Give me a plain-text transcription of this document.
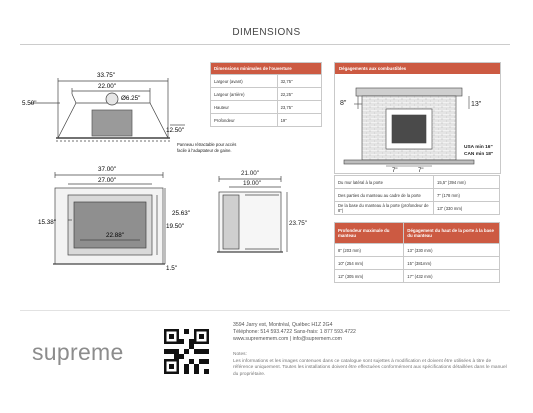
DIMENSIONS
33.75"
22.00"
Ø6.25"
5.50"
12.50"
37.00"
27.00"
15.38"
22.88"
19.50"
25.63"
1.5"
Panneau rétractable pour accès facile à l'adaptateur de gaine.
21.00"
19.00"
23.75"
Dimensions minimales de l'ouverture	
Largeur (avant)	32,75"
Largeur (arrière)	22,25"
Hauteur	23,75"
Profondeur	19"
Dégagements aux combustibles
8"	13"
7"	7"
USA min 16"
CAN min 18"
Du mur latéral à la porte	15,5" (394 mm)
Des parties du manteau au cadre de la porte	7" (178 mm)
De la base du manteau à la porte (profondeur de 8")	13" (330 mm)
Profondeur maximale du manteau	Dégagement du haut de la porte à la base du manteau
8" (203 mm)	13" (330 mm)
10" (254 mm)	15" (381mm)
12" (305 mm)	17" (432 mm)
supreme
3594 Jarry est, Montréal, Québec H1Z 2G4
Téléphone: 514 593.4722 Sans-frais: 1 877 593.4722
www.suprememem.com | info@supremem.com
Notes:
Les informations et les images contenues dans ce catalogue sont sujettes à modification et doivent être utilisées à titre de référence uniquement. Toutes les installations doivent être effectuées conformément aux spécifications détaillées dans le manuel du propriétaire.
